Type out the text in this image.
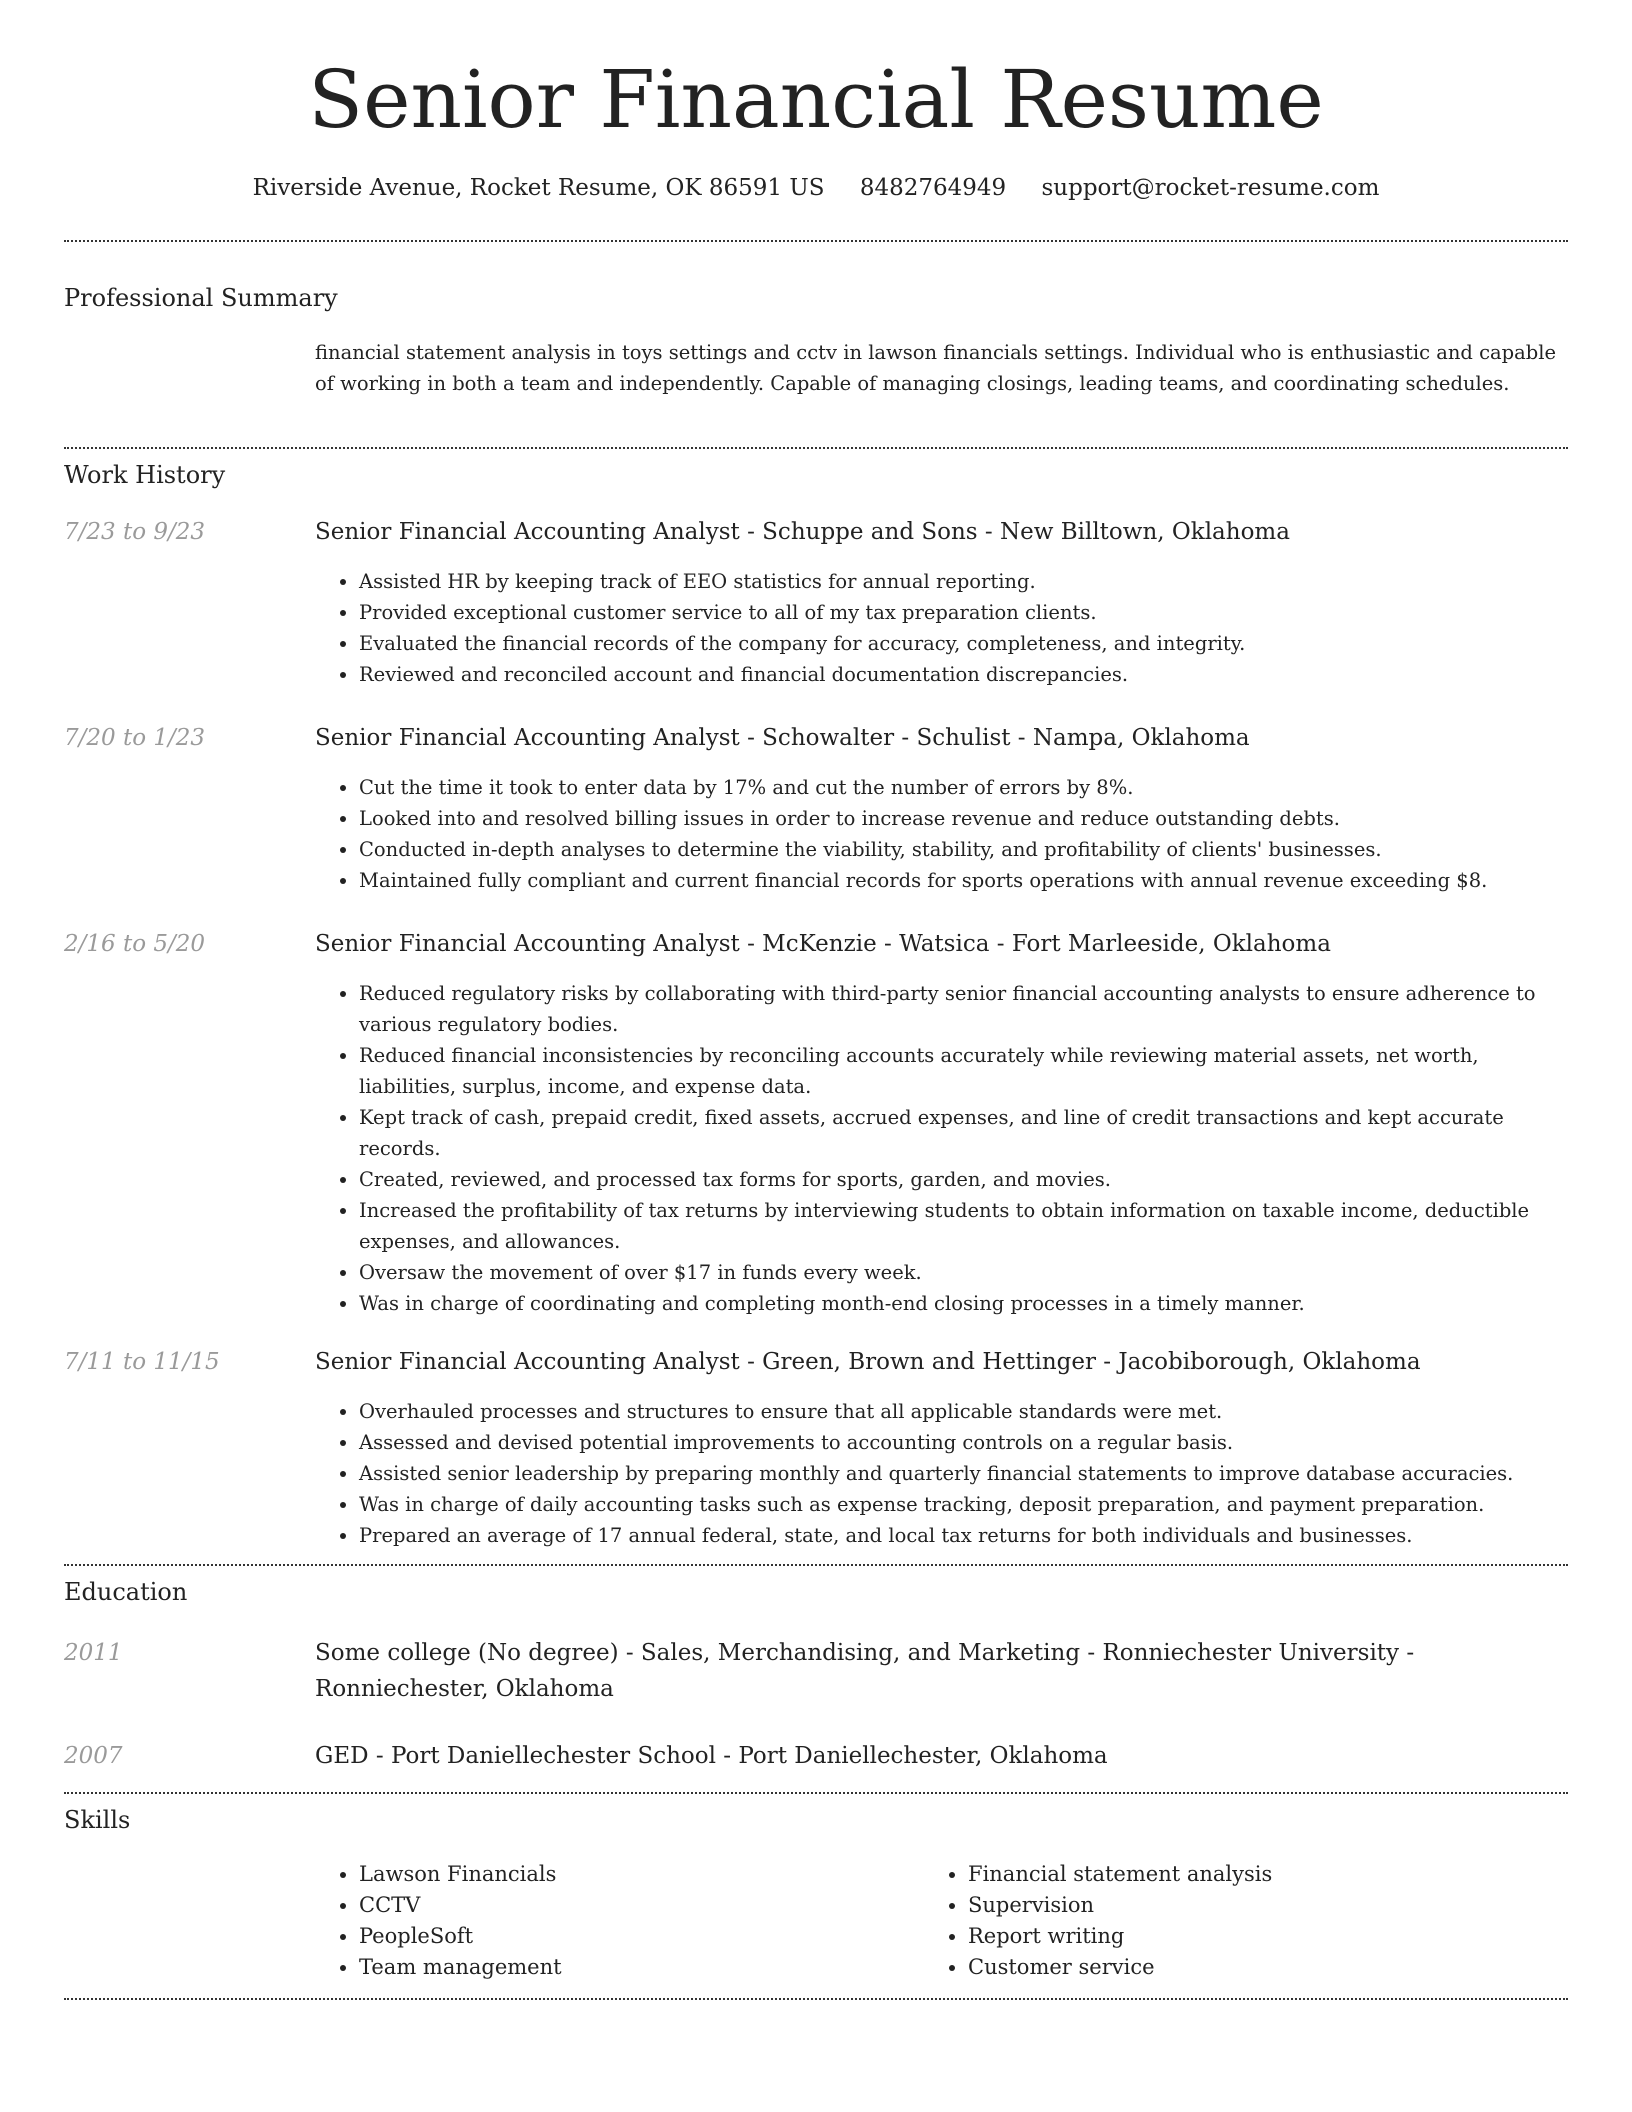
Senior Financial Resume
Riverside Avenue, Rocket Resume, OK 86591 US 8482764949 support@rocket-resume.com
Professional Summary
financial statement analysis in toys settings and cctv in lawson financials settings. Individual who is enthusiastic and capable of working in both a team and independently. Capable of managing closings, leading teams, and coordinating schedules.
Work History
7/23 to 9/23	Senior Financial Accounting Analyst - Schuppe and Sons - New Billtown, Oklahoma
• Assisted HR by keeping track of EEO statistics for annual reporting.
• Provided exceptional customer service to all of my tax preparation clients.
• Evaluated the financial records of the company for accuracy, completeness, and integrity.
• Reviewed and reconciled account and financial documentation discrepancies.
7/20 to 1/23	Senior Financial Accounting Analyst - Schowalter - Schulist - Nampa, Oklahoma
• Cut the time it took to enter data by 17% and cut the number of errors by 8%.
• Looked into and resolved billing issues in order to increase revenue and reduce outstanding debts.
• Conducted in-depth analyses to determine the viability, stability, and profitability of clients' businesses.
• Maintained fully compliant and current financial records for sports operations with annual revenue exceeding $8.
2/16 to 5/20	Senior Financial Accounting Analyst - McKenzie - Watsica - Fort Marleeside, Oklahoma
• Reduced regulatory risks by collaborating with third-party senior financial accounting analysts to ensure adherence to various regulatory bodies.
• Reduced financial inconsistencies by reconciling accounts accurately while reviewing material assets, net worth, liabilities, surplus, income, and expense data.
• Kept track of cash, prepaid credit, fixed assets, accrued expenses, and line of credit transactions and kept accurate records.
• Created, reviewed, and processed tax forms for sports, garden, and movies.
• Increased the profitability of tax returns by interviewing students to obtain information on taxable income, deductible expenses, and allowances.
• Oversaw the movement of over $17 in funds every week.
• Was in charge of coordinating and completing month-end closing processes in a timely manner.
7/11 to 11/15	Senior Financial Accounting Analyst - Green, Brown and Hettinger - Jacobiborough, Oklahoma
• Overhauled processes and structures to ensure that all applicable standards were met.
• Assessed and devised potential improvements to accounting controls on a regular basis.
• Assisted senior leadership by preparing monthly and quarterly financial statements to improve database accuracies.
• Was in charge of daily accounting tasks such as expense tracking, deposit preparation, and payment preparation.
• Prepared an average of 17 annual federal, state, and local tax returns for both individuals and businesses.
Education
2011	Some college (No degree) - Sales, Merchandising, and Marketing - Ronniechester University - Ronniechester, Oklahoma
2007	GED - Port Daniellechester School - Port Daniellechester, Oklahoma
Skills
• Lawson Financials
• CCTV
• PeopleSoft
• Team management
• Financial statement analysis
• Supervision
• Report writing
• Customer service
